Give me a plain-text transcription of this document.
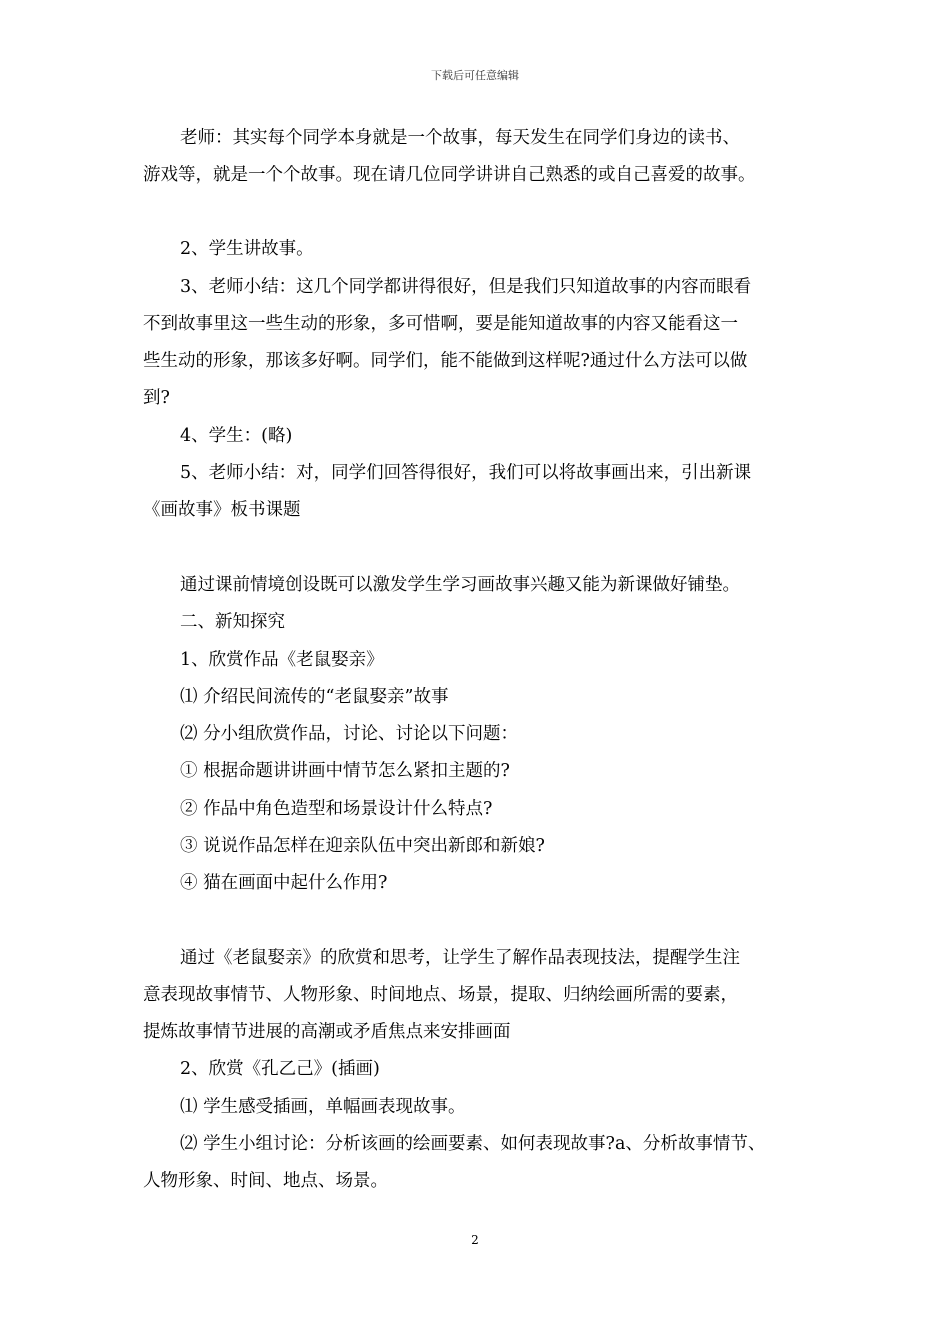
下载后可任意编辑
老师：其实每个同学本身就是一个故事，每天发生在同学们身边的读书、
游戏等，就是一个个故事。现在请几位同学讲讲自己熟悉的或自己喜爱的故事。
2、学生讲故事。
3、老师小结：这几个同学都讲得很好，但是我们只知道故事的内容而眼看
不到故事里这一些生动的形象，多可惜啊，要是能知道故事的内容又能看这一
些生动的形象，那该多好啊。同学们，能不能做到这样呢?通过什么方法可以做
到?
4、学生：(略)
5、老师小结：对，同学们回答得很好，我们可以将故事画出来，引出新课
《画故事》板书课题
通过课前情境创设既可以激发学生学习画故事兴趣又能为新课做好铺垫。
二、新知探究
1、欣赏作品《老鼠娶亲》
⑴ 介绍民间流传的“老鼠娶亲”故事
⑵ 分小组欣赏作品，讨论、讨论以下问题：
① 根据命题讲讲画中情节怎么紧扣主题的?
② 作品中角色造型和场景设计什么特点?
③ 说说作品怎样在迎亲队伍中突出新郎和新娘?
④ 猫在画面中起什么作用?
通过《老鼠娶亲》的欣赏和思考，让学生了解作品表现技法，提醒学生注
意表现故事情节、人物形象、时间地点、场景，提取、归纳绘画所需的要素，
提炼故事情节进展的高潮或矛盾焦点来安排画面
2、欣赏《孔乙己》(插画)
⑴ 学生感受插画，单幅画表现故事。
⑵ 学生小组讨论：分析该画的绘画要素、如何表现故事?a、分析故事情节、
人物形象、时间、地点、场景。
2
